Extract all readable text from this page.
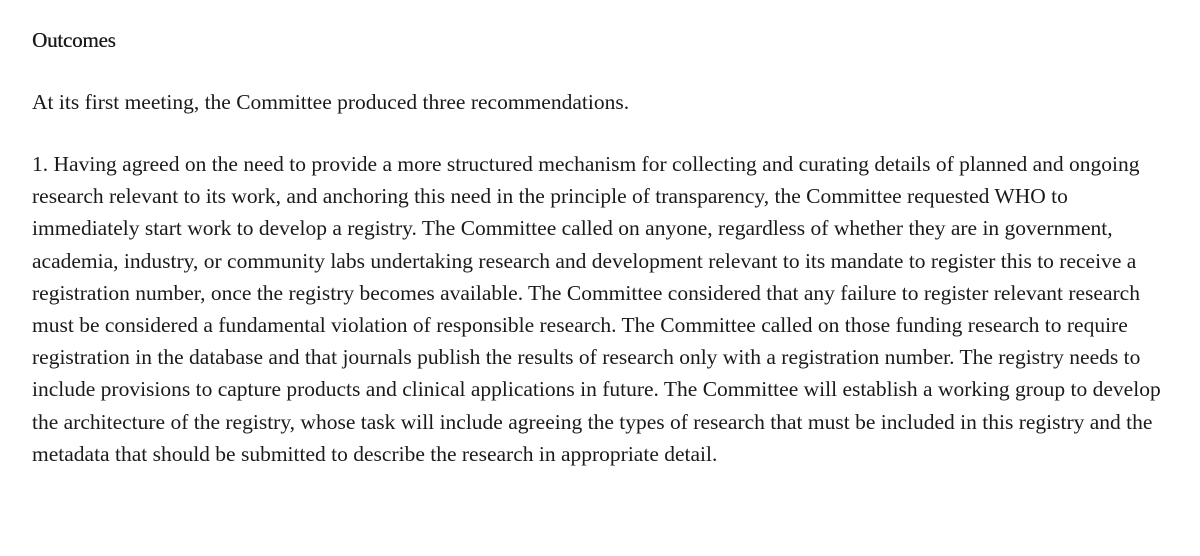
Outcomes

At its first meeting, the Committee produced three recommendations.

1. Having agreed on the need to provide a more structured mechanism for collecting and curating details of planned and ongoing research relevant to its work, and anchoring this need in the principle of transparency, the Committee requested WHO to immediately start work to develop a registry. The Committee called on anyone, regardless of whether they are in government, academia, industry, or community labs undertaking research and development relevant to its mandate to register this to receive a registration number, once the registry becomes available. The Committee considered that any failure to register relevant research must be considered a fundamental violation of responsible research. The Committee called on those funding research to require registration in the database and that journals publish the results of research only with a registration number. The registry needs to include provisions to capture products and clinical applications in future. The Committee will establish a working group to develop the architecture of the registry, whose task will include agreeing the types of research that must be included in this registry and the metadata that should be submitted to describe the research in appropriate detail.
